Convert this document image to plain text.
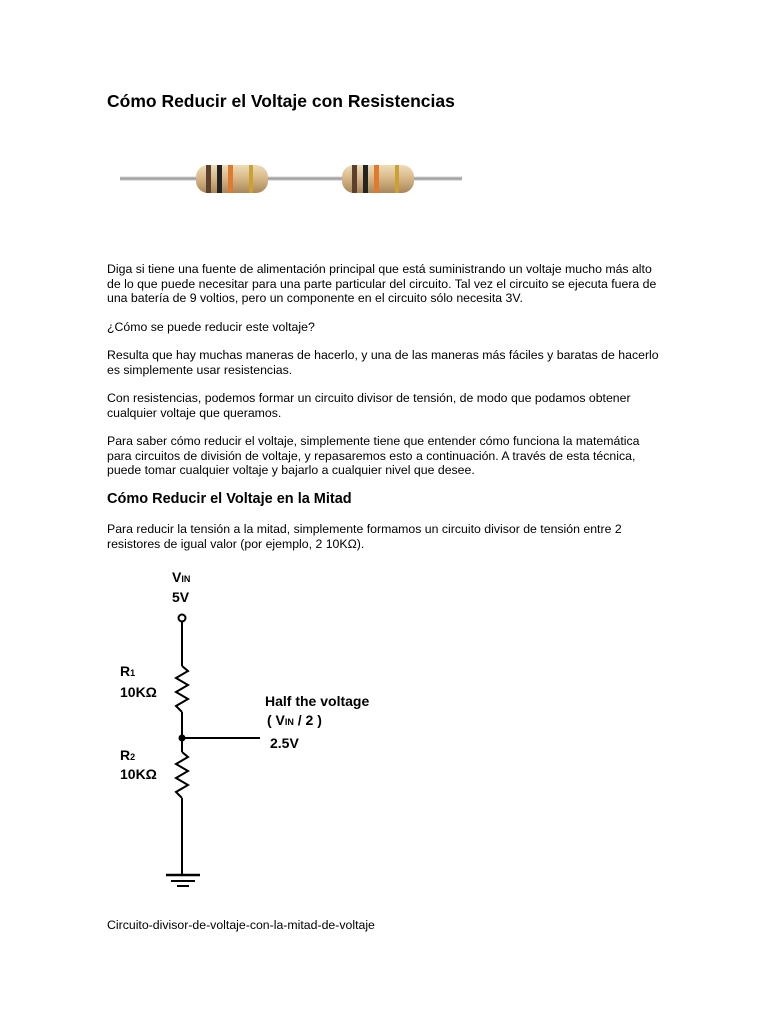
Cómo Reducir el Voltaje con Resistencias

Diga si tiene una fuente de alimentación principal que está suministrando un voltaje mucho más alto de lo que puede necesitar para una parte particular del circuito. Tal vez el circuito se ejecuta fuera de una batería de 9 voltios, pero un componente en el circuito sólo necesita 3V.

¿Cómo se puede reducir este voltaje?

Resulta que hay muchas maneras de hacerlo, y una de las maneras más fáciles y baratas de hacerlo es simplemente usar resistencias.

Con resistencias, podemos formar un circuito divisor de tensión, de modo que podamos obtener cualquier voltaje que queramos.

Para saber cómo reducir el voltaje, simplemente tiene que entender cómo funciona la matemática para circuitos de división de voltaje, y repasaremos esto a continuación. A través de esta técnica, puede tomar cualquier voltaje y bajarlo a cualquier nivel que desee.

Cómo Reducir el Voltaje en la Mitad

Para reducir la tensión a la mitad, simplemente formamos un circuito divisor de tensión entre 2 resistores de igual valor (por ejemplo, 2 10KΩ).

VIN
5V
R1
10KΩ
R2
10KΩ
Half the voltage
( VIN / 2 )
2.5V
Circuito-divisor-de-voltaje-con-la-mitad-de-voltaje
